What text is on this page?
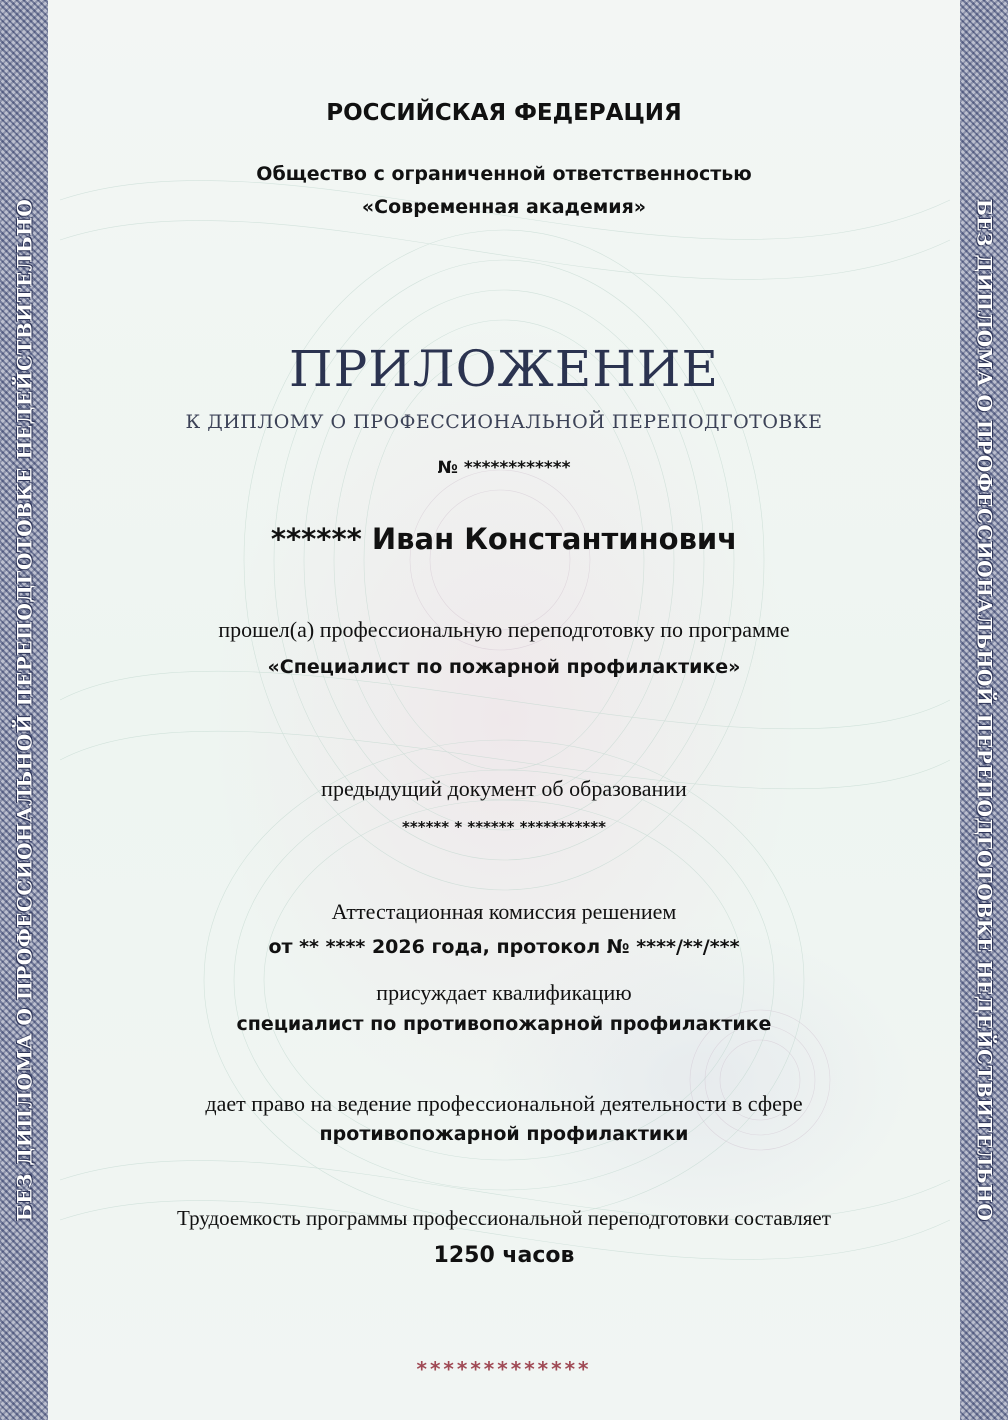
БЕЗ ДИПЛОМА О ПРОФЕССИОНАЛЬНОЙ ПЕРЕПОДГОТОВКЕ НЕДЕЙСТВИТЕЛЬНО	БЕЗ ДИПЛОМА О ПРОФЕССИОНАЛЬНОЙ ПЕРЕПОДГОТОВКЕ НЕДЕЙСТВИТЕЛЬНО
РОССИЙСКАЯ ФЕДЕРАЦИЯ
Общество с ограниченной ответственностью
«Современная академия»
ПРИЛОЖЕНИЕ
К ДИПЛОМУ О ПРОФЕССИОНАЛЬНОЙ ПЕРЕПОДГОТОВКЕ
№ ************
****** Иван Константинович
прошел(а) профессиональную переподготовку по программе
«Специалист по пожарной профилактике»
предыдущий документ об образовании
****** * ****** ***********
Аттестационная комиссия решением
от ** **** 2026 года, протокол № ****/**/***
присуждает квалификацию
специалист по противопожарной профилактике
дает право на ведение профессиональной деятельности в сфере
противопожарной профилактики
Трудоемкость программы профессиональной переподготовки составляет
1250 часов
*************
